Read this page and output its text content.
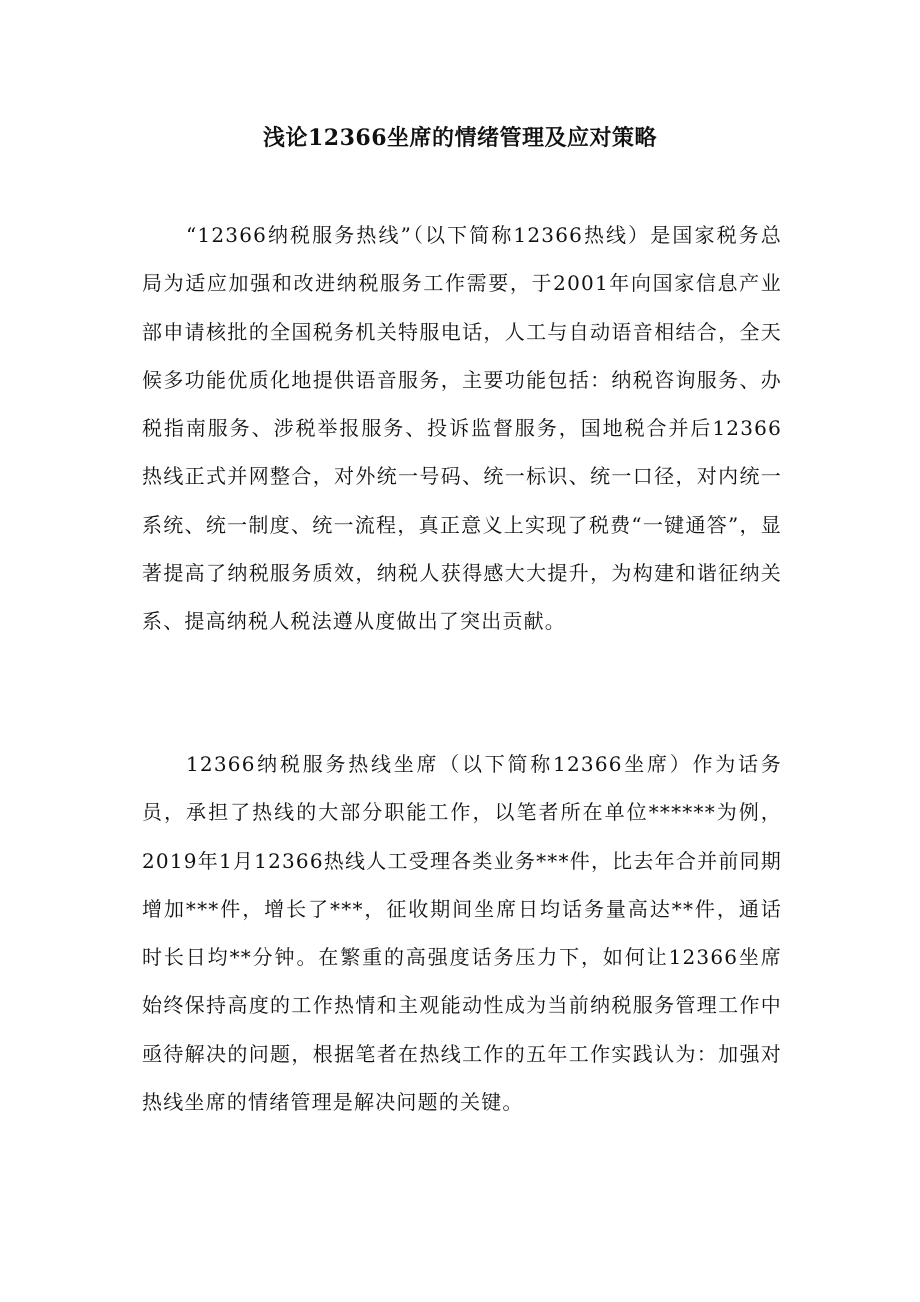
浅论12366坐席的情绪管理及应对策略

“12366纳税服务热线”（以下简称12366热线）是国家税务总局为适应加强和改进纳税服务工作需要，于2001年向国家信息产业部申请核批的全国税务机关特服电话，人工与自动语音相结合，全天候多功能优质化地提供语音服务，主要功能包括：纳税咨询服务、办税指南服务、涉税举报服务、投诉监督服务，国地税合并后12366热线正式并网整合，对外统一号码、统一标识、统一口径，对内统一系统、统一制度、统一流程，真正意义上实现了税费“一键通答”，显著提高了纳税服务质效，纳税人获得感大大提升，为构建和谐征纳关系、提高纳税人税法遵从度做出了突出贡献。

12366纳税服务热线坐席（以下简称12366坐席）作为话务员，承担了热线的大部分职能工作，以笔者所在单位******为例，2019年1月12366热线人工受理各类业务***件，比去年合并前同期增加***件，增长了***，征收期间坐席日均话务量高达**件，通话时长日均**分钟。在繁重的高强度话务压力下，如何让12366坐席始终保持高度的工作热情和主观能动性成为当前纳税服务管理工作中亟待解决的问题，根据笔者在热线工作的五年工作实践认为：加强对热线坐席的情绪管理是解决问题的关键。
